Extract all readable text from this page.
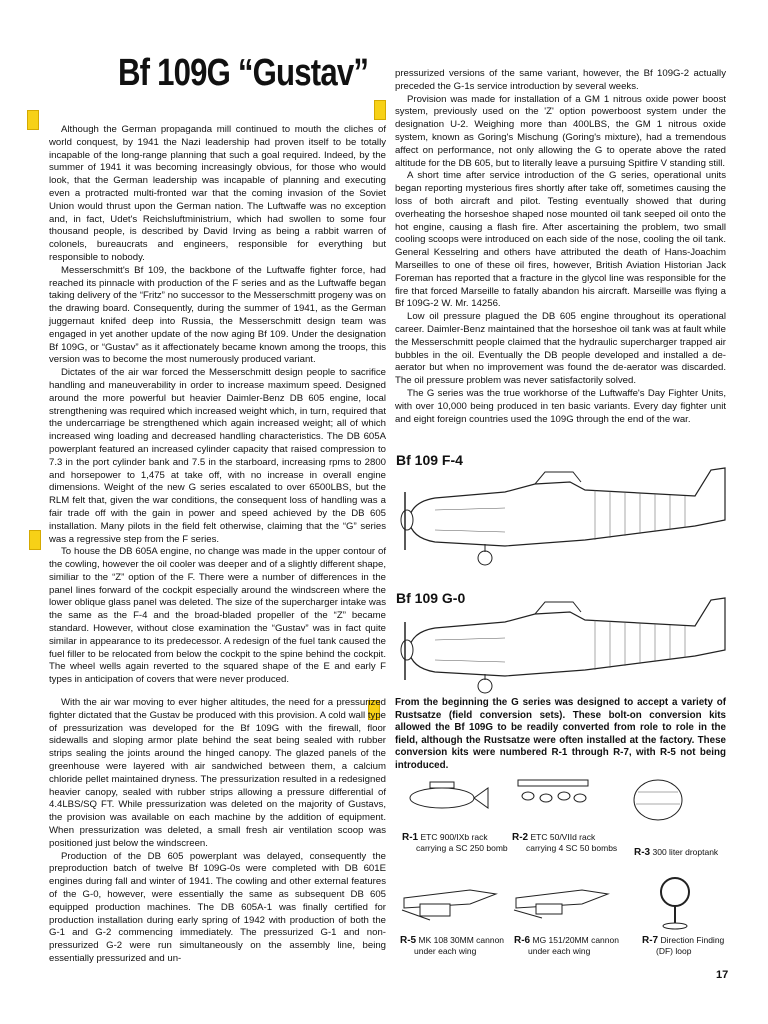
Bf 109G “Gustav”

Although the German propaganda mill continued to mouth the cliches of world conquest, by 1941 the Nazi leadership had proven itself to be totally incapable of the long-range planning that such a goal required. Indeed, by the summer of 1941 it was becoming increasingly obvious, for those who would look, that the German leadership was incapable of planning and executing even a protracted multi-fronted war that the coming invasion of the Soviet Union would thrust upon the German nation. The Luftwaffe was no exception and, in fact, Udet's Reichsluftministrium, which had swollen to some four thousand people, is described by David Irving as being a rabbit warren of colonels, bureaucrats and engineers, responsible for everything but responsible to nobody.

Messerschmitt's Bf 109, the backbone of the Luftwaffe fighter force, had reached its pinnacle with production of the F series and as the Luftwaffe began taking delivery of the “Fritz” no successor to the Messerschmitt progeny was on the drawing board. Consequently, during the summer of 1941, as the German juggernaut knifed deep into Russia, the Messerschmitt design team was engaged in yet another update of the now aging Bf 109. Under the designation Bf 109G, or “Gustav” as it affectionately became known among the troops, this version was to become the most numerously produced variant.

Dictates of the air war forced the Messerschmitt design people to sacrifice handling and maneuverability in order to increase maximum speed. Designed around the more powerful but heavier Daimler-Benz DB 605 engine, local strengthening was required which increased weight which, in turn, required that the undercarriage be strengthened which again increased weight; all of which increased wing loading and decreased handling characteristics. The DB 605A powerplant featured an increased cylinder capacity that raised compression to 7.3 in the port cylinder bank and 7.5 in the starboard, increasing rpms to 2800 and horsepower to 1,475 at take off, with no increase in overall engine dimensions. Weight of the new G series escalated to over 6500LBS, but the RLM felt that, given the war conditions, the consequent loss of handling was a fair trade off with the gain in power and speed achieved by the DB 605 installation. Many pilots in the field felt otherwise, claiming that the “G” series was a regressive step from the F series.

To house the DB 605A engine, no change was made in the upper contour of the cowling, however the oil cooler was deeper and of a slightly different shape, similiar to the “Z” option of the F. There were a number of differences in the panel lines forward of the cockpit especially around the windscreen where the lower oblique glass panel was deleted. The size of the supercharger intake was the same as the F-4 and the broad-bladed propeller of the “Z” became standard. However, without close examination the “Gustav” was in fact quite similar in appearance to its predecessor. A redesign of the fuel tank caused the fuel filler to be relocated from below the cockpit to the spine behind the cockpit. The wheel wells again reverted to the squared shape of the E and early F types in anticipation of covers that were never produced.

With the air war moving to ever higher altitudes, the need for a pressurized fighter dictated that the Gustav be produced with this provision. A cold wall type of pressurization was developed for the Bf 109G with the firewall, floor sidewalls and sloping armor plate behind the seat being sealed with rubber strips sealing the joints around the hinged canopy. The glazed panels of the greenhouse were layered with air sandwiched between them, a calcium chloride pellet maintained dryness. The pressurization resulted in a redesigned heavier canopy, sealed with rubber strips allowing a pressure differential of 4.4LBS/SQ FT. While pressurization was deleted on the majority of Gustavs, the provision was available on each machine by the addition of equipment. When pressurization was deleted, a small fresh air ventilation scoop was positioned just below the windscreen.

Production of the DB 605 powerplant was delayed, consequently the preproduction batch of twelve Bf 109G-0s were completed with DB 601E engines during fall and winter of 1941. The cowling and other external features of the G-0, however, were essentially the same as subsequent DB 605 equipped production machines. The DB 605A-1 was finally certified for production installation during early spring of 1942 with production of both the G-1 and G-2 commencing immediately. The pressurized G-1 and non-pressurized G-2 were run simultaneously on the assembly line, being essentially pressurized and un-

pressurized versions of the same variant, however, the Bf 109G-2 actually preceded the G-1s service introduction by several weeks.

Provision was made for installation of a GM 1 nitrous oxide power boost system, previously used on the 'Z' option powerboost system under the designation U-2. Weighing more than 400LBS, the GM 1 nitrous oxide system, known as Goring's Mischung (Goring's mixture), had a tremendous affect on performance, not only allowing the G to operate above the rated altitude for the DB 605, but to literally leave a pursuing Spitfire V standing still.

A short time after service introduction of the G series, operational units began reporting mysterious fires shortly after take off, sometimes causing the loss of both aircraft and pilot. Testing eventually showed that during overheating the horseshoe shaped nose mounted oil tank seeped oil onto the hot engine, causing a flash fire. After ascertaining the problem, two small cooling scoops were introduced on each side of the nose, cooling the oil tank. General Kesselring and others have attributed the death of Hans-Joachim Marseilles to one of these oil fires, however, British Aviation Historian Jack Foreman has reported that a fracture in the glycol line was responsible for the fire that forced Marseille to fatally abandon his aircraft. Marseille was flying a Bf 109G-2 W. Mr. 14256.

Low oil pressure plagued the DB 605 engine throughout its operational career. Daimler-Benz maintained that the horseshoe oil tank was at fault while the Messerschmitt people claimed that the hydraulic supercharger trapped air bubbles in the oil. Eventually the DB people developed and installed a de-aerator but when no improvement was found the de-aerator was discarded. The oil pressure problem was never satisfactorily solved.

The G series was the true workhorse of the Luftwaffe's Day Fighter Units, with over 10,000 being produced in ten basic variants. Every day fighter unit and eight foreign countries used the 109G through the end of the war.

Bf 109 F-4
Bf 109 G-0
From the beginning the G series was designed to accept a variety of Rustsatze (field conversion sets). These bolt-on conversion kits allowed the Bf 109G to be readily converted from role to role in the field, although the Rustsatze were often installed at the factory. These conversion kits were numbered R-1 through R-7, with R-5 not being introduced.
R-1 ETC 900/IXb rack
carrying a SC 250 bomb
R-2 ETC 50/VIId rack
carrying 4 SC 50 bombs R-3 300 liter droptank
R-5 MK 108 30MM cannon
under each wing
R-6 MG 151/20MM cannon
under each wing
R-7 Direction Finding
(DF) loop
17
